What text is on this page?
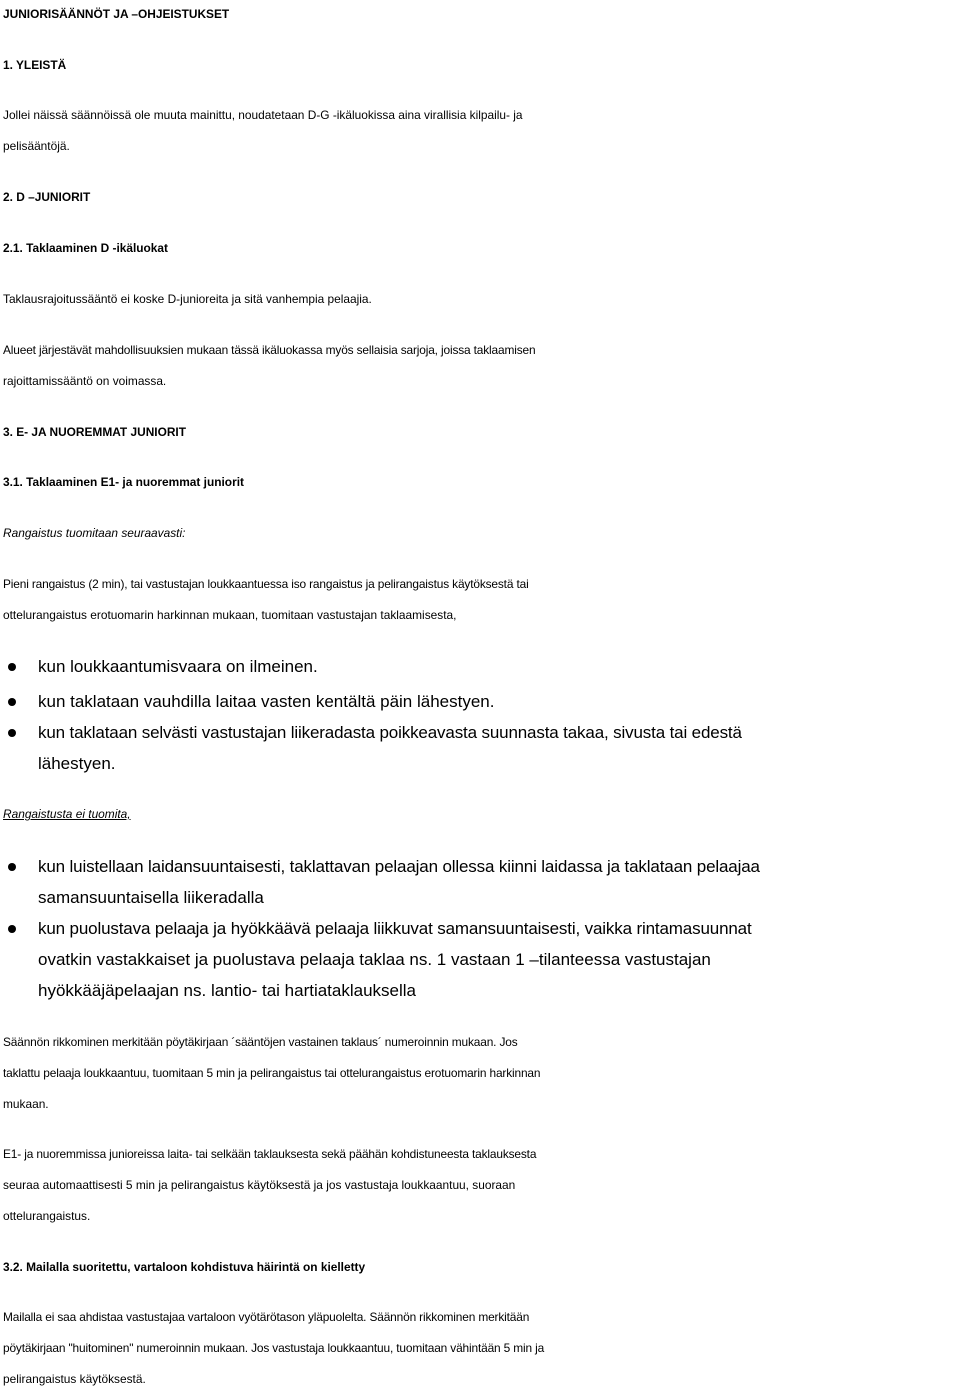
JUNIORISÄÄNNÖT JA –OHJEISTUKSET
1. YLEISTÄ
Jollei näissä säännöissä ole muuta mainittu, noudatetaan D-G -ikäluokissa aina virallisia kilpailu- ja
pelisääntöjä.
2. D –JUNIORIT
2.1. Taklaaminen D -ikäluokat
Taklausrajoitussääntö ei koske D-junioreita ja sitä vanhempia pelaajia.
Alueet järjestävät mahdollisuuksien mukaan tässä ikäluokassa myös sellaisia sarjoja, joissa taklaamisen
rajoittamissääntö on voimassa.
3. E- JA NUOREMMAT JUNIORIT
3.1. Taklaaminen E1- ja nuoremmat juniorit
Rangaistus tuomitaan seuraavasti:
Pieni rangaistus (2 min), tai vastustajan loukkaantuessa iso rangaistus ja pelirangaistus käytöksestä tai
ottelurangaistus erotuomarin harkinnan mukaan, tuomitaan vastustajan taklaamisesta,
kun loukkaantumisvaara on ilmeinen.
kun taklataan vauhdilla laitaa vasten kentältä päin lähestyen.
kun taklataan selvästi vastustajan liikeradasta poikkeavasta suunnasta takaa, sivusta tai edestä
lähestyen.
Rangaistusta ei tuomita,
kun luistellaan laidansuuntaisesti, taklattavan pelaajan ollessa kiinni laidassa ja taklataan pelaajaa
samansuuntaisella liikeradalla
kun puolustava pelaaja ja hyökkäävä pelaaja liikkuvat samansuuntaisesti, vaikka rintamasuunnat
ovatkin vastakkaiset ja puolustava pelaaja taklaa ns. 1 vastaan 1 –tilanteessa vastustajan
hyökkääjäpelaajan ns. lantio- tai hartiataklauksella
Säännön rikkominen merkitään pöytäkirjaan ´sääntöjen vastainen taklaus´ numeroinnin mukaan. Jos
taklattu pelaaja loukkaantuu, tuomitaan 5 min ja pelirangaistus tai ottelurangaistus erotuomarin harkinnan
mukaan.
E1- ja nuoremmissa junioreissa laita- tai selkään taklauksesta sekä päähän kohdistuneesta taklauksesta
seuraa automaattisesti 5 min ja pelirangaistus käytöksestä ja jos vastustaja loukkaantuu, suoraan
ottelurangaistus.
3.2. Mailalla suoritettu, vartaloon kohdistuva häirintä on kielletty
Mailalla ei saa ahdistaa vastustajaa vartaloon vyötärötason yläpuolelta. Säännön rikkominen merkitään
pöytäkirjaan "huitominen" numeroinnin mukaan. Jos vastustaja loukkaantuu, tuomitaan vähintään 5 min ja
pelirangaistus käytöksestä.
